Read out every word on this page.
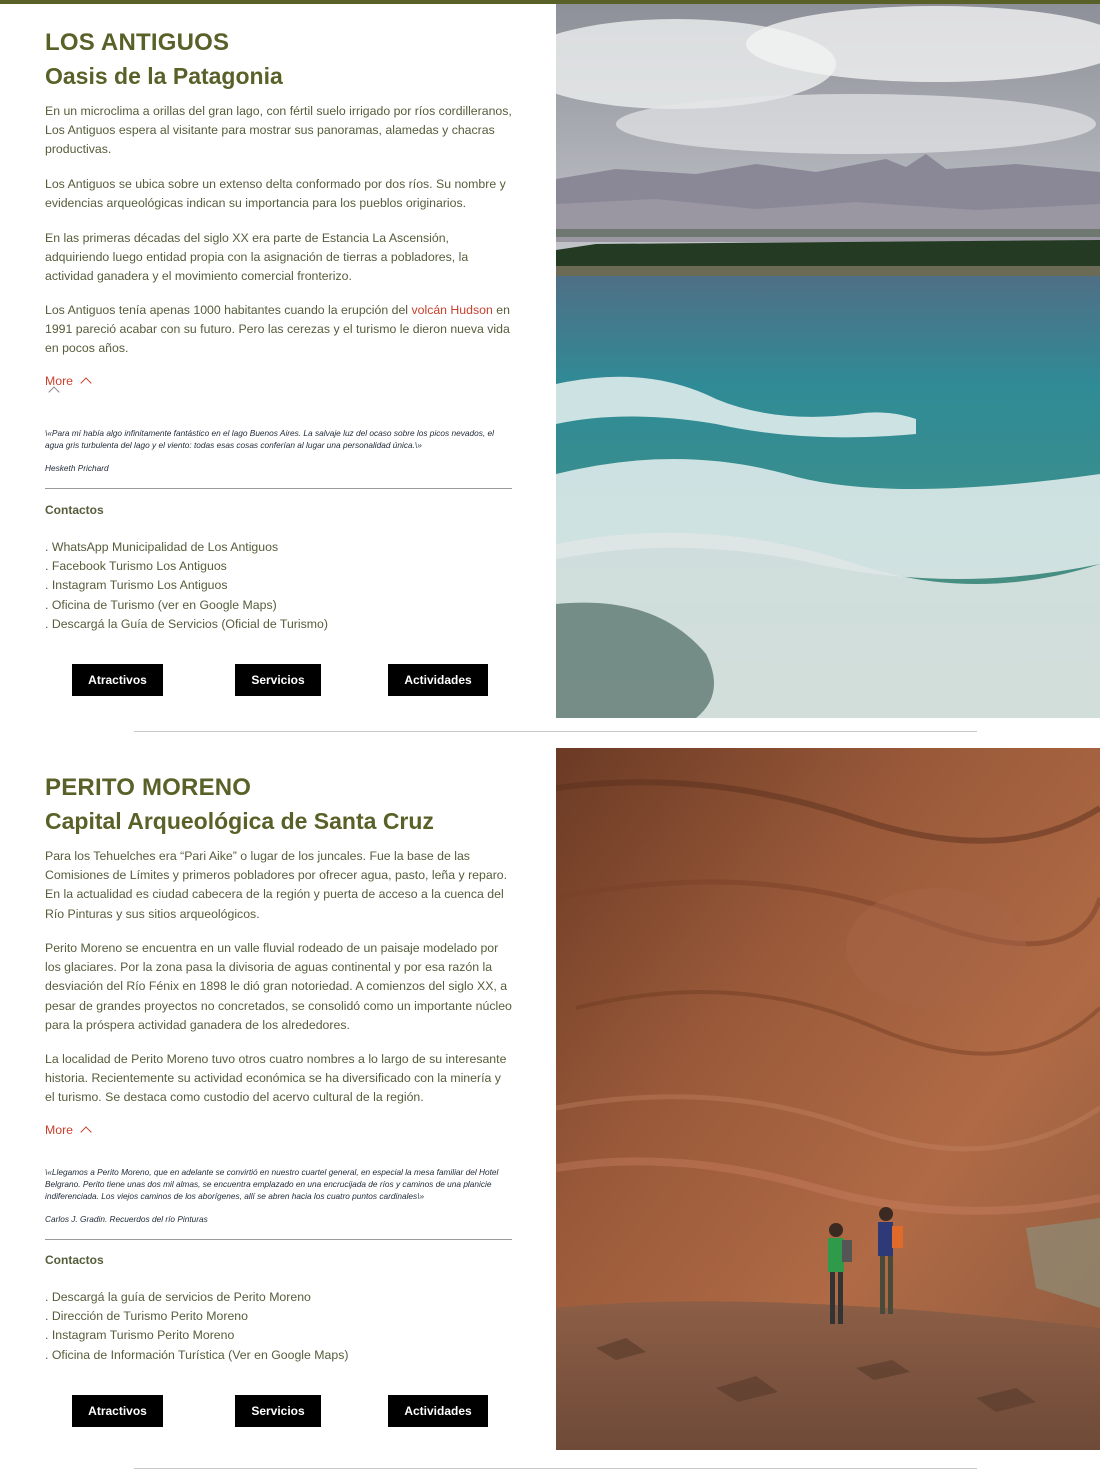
LOS ANTIGUOS
Oasis de la Patagonia

En un microclima a orillas del gran lago, con fértil suelo irrigado por ríos cordilleranos, Los Antiguos espera al visitante para mostrar sus panoramas, alamedas y chacras productivas.

Los Antiguos se ubica sobre un extenso delta conformado por dos ríos. Su nombre y evidencias arqueológicas indican su importancia para los pueblos originarios.

En las primeras décadas del siglo XX era parte de Estancia La Ascensión, adquiriendo luego entidad propia con la asignación de tierras a pobladores, la actividad ganadera y el movimiento comercial fronterizo.

Los Antiguos tenía apenas 1000 habitantes cuando la erupción del volcán Hudson en 1991 pareció acabar con su futuro. Pero las cerezas y el turismo le dieron nueva vida en pocos años.

More

\«Para mí había algo infinitamente fantástico en el lago Buenos Aires. La salvaje luz del ocaso sobre los picos nevados, el agua gris turbulenta del lago y el viento: todas esas cosas conferían al lugar una personalidad única.\»

Hesketh Prichard

Contactos

. WhatsApp Municipalidad de Los Antiguos
. Facebook Turismo Los Antiguos
. Instagram Turismo Los Antiguos
. Oficina de Turismo (ver en Google Maps)
. Descargá la Guía de Servicios (Oficial de Turismo)
Atractivos	Servicios	Actividades
PERITO MORENO
Capital Arqueológica de Santa Cruz

Para los Tehuelches era “Pari Aike” o lugar de los juncales. Fue la base de las Comisiones de Límites y primeros pobladores por ofrecer agua, pasto, leña y reparo. En la actualidad es ciudad cabecera de la región y puerta de acceso a la cuenca del Río Pinturas y sus sitios arqueológicos.

Perito Moreno se encuentra en un valle fluvial rodeado de un paisaje modelado por los glaciares. Por la zona pasa la divisoria de aguas continental y por esa razón la desviación del Río Fénix en 1898 le dió gran notoriedad. A comienzos del siglo XX, a pesar de grandes proyectos no concretados, se consolidó como un importante núcleo para la próspera actividad ganadera de los alrededores.

La localidad de Perito Moreno tuvo otros cuatro nombres a lo largo de su interesante historia. Recientemente su actividad económica se ha diversificado con la minería y el turismo. Se destaca como custodio del acervo cultural de la región.

More

\«Llegamos a Perito Moreno, que en adelante se convirtió en nuestro cuartel general, en especial la mesa familiar del Hotel Belgrano. Perito tiene unas dos mil almas, se encuentra emplazado en una encrucijada de ríos y caminos de una planicie indiferenciada. Los viejos caminos de los aborígenes, allí se abren hacia los cuatro puntos cardinales\»

Carlos J. Gradin. Recuerdos del río Pinturas

Contactos

. Descargá la guía de servicios de Perito Moreno
. Dirección de Turismo Perito Moreno
. Instagram Turismo Perito Moreno
. Oficina de Información Turística (Ver en Google Maps)
Atractivos	Servicios	Actividades
